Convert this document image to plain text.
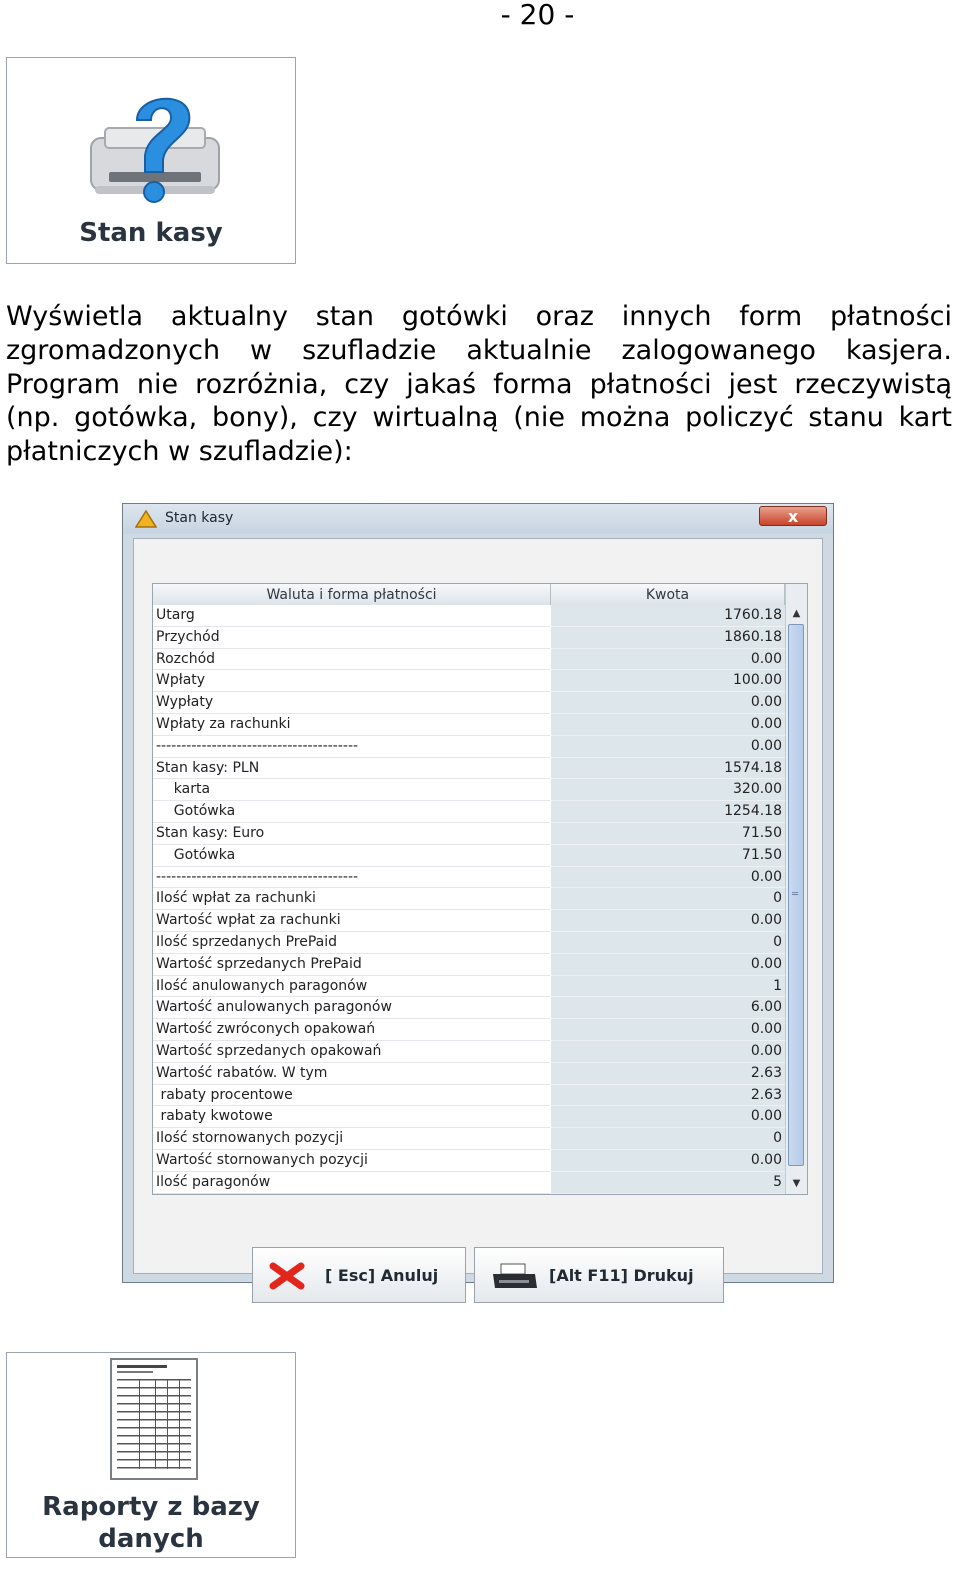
- 20 -
Stan kasy
Wyświetla aktualny stan gotówki oraz innych form płatności
zgromadzonych w szufladzie aktualnie zalogowanego kasjera.
Program nie rozróżnia, czy jakaś forma płatności jest rzeczywistą
(np. gotówka, bony), czy wirtualną (nie można policzyć stanu kart
płatniczych w szufladzie):
Stan kasy	x
Waluta i forma płatności	Kwota
Utarg	1760.18
Przychód	1860.18
Rozchód	0.00
Wpłaty	100.00
Wypłaty	0.00
Wpłaty za rachunki	0.00
----------------------------------------	0.00
Stan kasy: PLN	1574.18
karta	320.00
Gotówka	1254.18
Stan kasy: Euro	71.50
Gotówka	71.50
----------------------------------------	0.00
Ilość wpłat za rachunki	0
Wartość wpłat za rachunki	0.00
Ilość sprzedanych PrePaid	0
Wartość sprzedanych PrePaid	0.00
Ilość anulowanych paragonów	1
Wartość anulowanych paragonów	6.00
Wartość zwróconych opakowań	0.00
Wartość sprzedanych opakowań	0.00
Wartość rabatów. W tym	2.63
rabaty procentowe	2.63
rabaty kwotowe	0.00
Ilość stornowanych pozycji	0
Wartość stornowanych pozycji	0.00
Ilość paragonów	5
▲
═
▼
[ Esc] Anuluj	[Alt F11] Drukuj
Raporty z bazy
danych
